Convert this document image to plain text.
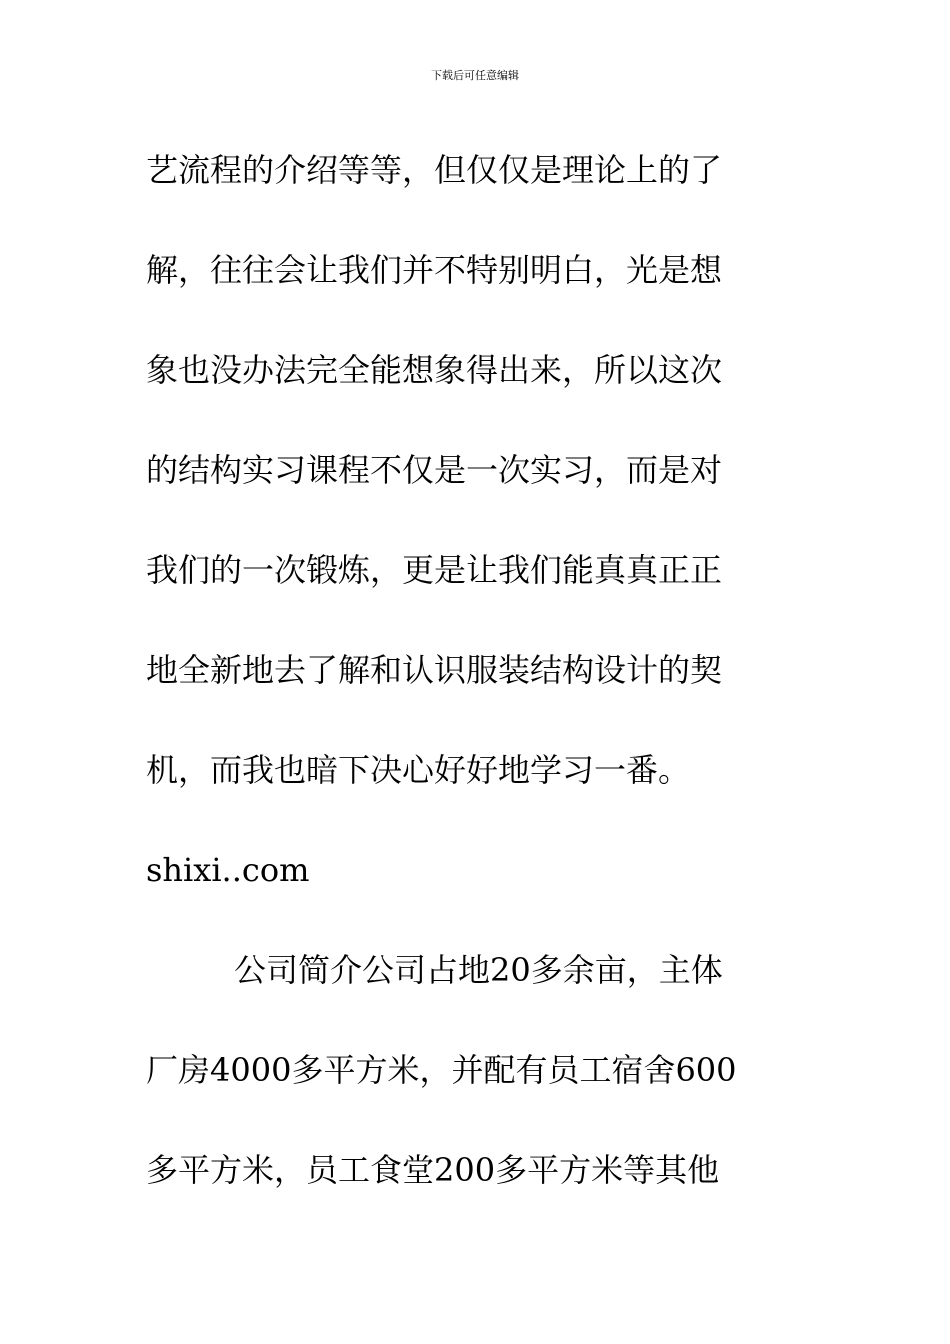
下载后可任意编辑
艺流程的介绍等等，但仅仅是理论上的了
解，往往会让我们并不特别明白，光是想
象也没办法完全能想象得出来，所以这次
的结构实习课程不仅是一次实习，而是对
我们的一次锻炼，更是让我们能真真正正
地全新地去了解和认识服装结构设计的契
机，而我也暗下决心好好地学习一番。
shixi..com
公司简介公司占地20多余亩，主体
厂房4000多平方米，并配有员工宿舍600
多平方米，员工食堂200多平方米等其他
